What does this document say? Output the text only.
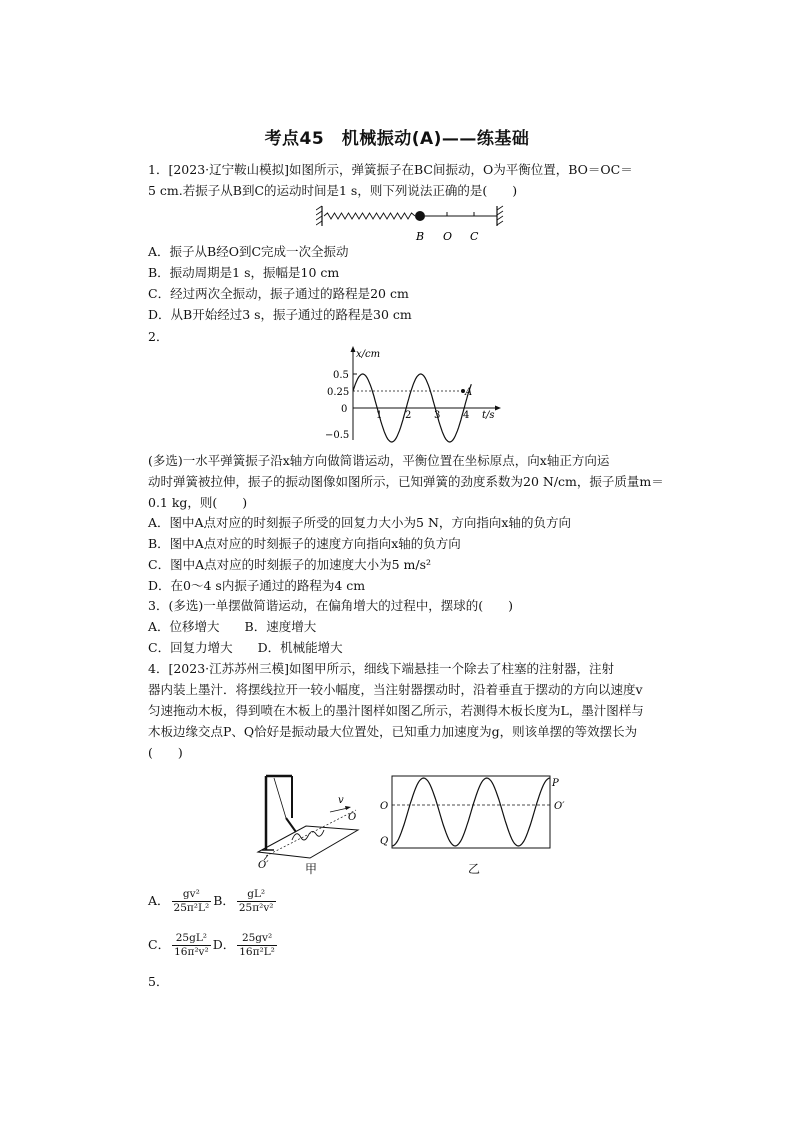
考点45　机械振动(A)——练基础
1．[2023·辽宁鞍山模拟]如图所示，弹簧振子在BC间振动，O为平衡位置，BO＝OC＝
5 cm.若振子从B到C的运动时间是1 s，则下列说法正确的是(　　)
B O C
A．振子从B经O到C完成一次全振动
B．振动周期是1 s，振幅是10 cm
C．经过两次全振动，振子通过的路程是20 cm
D．从B开始经过3 s，振子通过的路程是30 cm
2．
x/cm
t/s
0.5
0.25
0
−0.5
1 2 3 4
A
(多选)一水平弹簧振子沿x轴方向做简谐运动，平衡位置在坐标原点，向x轴正方向运
动时弹簧被拉伸，振子的振动图像如图所示，已知弹簧的劲度系数为20 N/cm，振子质量m＝
0.1 kg，则(　　)
A．图中A点对应的时刻振子所受的回复力大小为5 N，方向指向x轴的负方向
B．图中A点对应的时刻振子的速度方向指向x轴的负方向
C．图中A点对应的时刻振子的加速度大小为5 m/s²
D．在0～4 s内振子通过的路程为4 cm
3．(多选)一单摆做简谐运动，在偏角增大的过程中，摆球的(　　)
A．位移增大　　B．速度增大
C．回复力增大　　D．机械能增大
4．[2023·江苏苏州三模]如图甲所示，细线下端悬挂一个除去了柱塞的注射器，注射
器内装上墨汁．将摆线拉开一较小幅度，当注射器摆动时，沿着垂直于摆动的方向以速度v
匀速拖动木板，得到喷在木板上的墨汁图样如图乙所示，若测得木板长度为L，墨汁图样与
木板边缘交点P、Q恰好是振动最大位置处，已知重力加速度为g，则该单摆的等效摆长为
(　　)
v
O
O′	甲
P
O	O′
Q
乙
A． $\frac{\text{gv²}}{\text{25π²L²}}$ B． $\frac{\text{gL²}}{\text{25π²v²}}$
C． $\frac{\text{25gL²}}{\text{16π²v²}}$ D． $\frac{\text{25gv²}}{\text{16π²L²}}$
5．
